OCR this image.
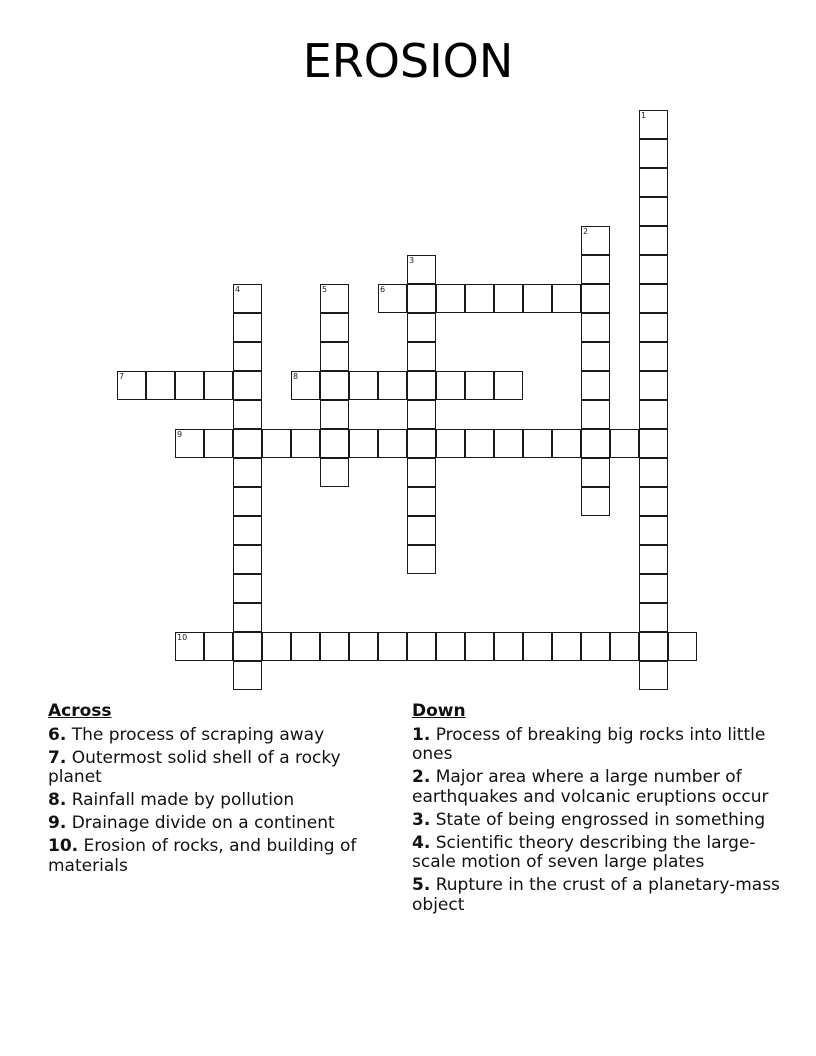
EROSION
1
2
3
4	5	6
7	8
9
10
Across
6. The process of scraping away
7. Outermost solid shell of a rocky planet
8. Rainfall made by pollution
9. Drainage divide on a continent
10. Erosion of rocks, and building of materials
Down
1. Process of breaking big rocks into little ones
2. Major area where a large number of earthquakes and volcanic eruptions occur
3. State of being engrossed in something
4. Scientific theory describing the large-scale motion of seven large plates
5. Rupture in the crust of a planetary-mass object
